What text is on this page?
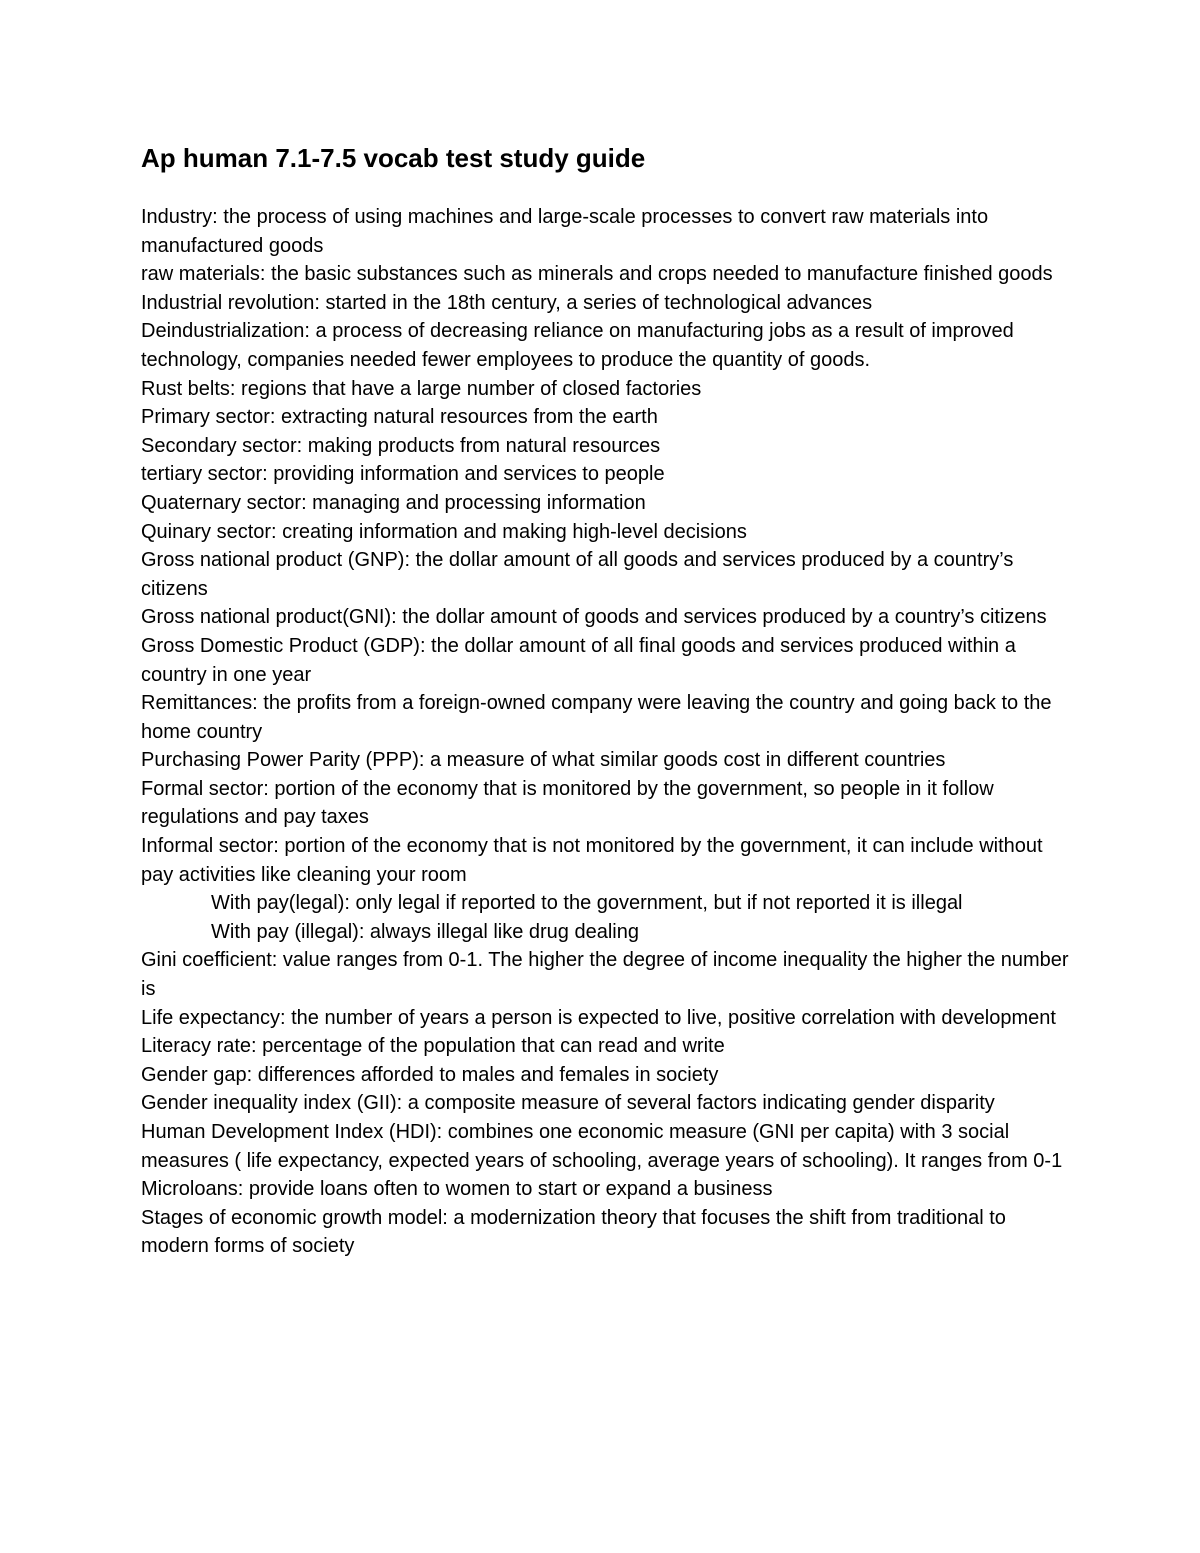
Ap human 7.1-7.5 vocab test study guide

Industry: the process of using machines and large-scale processes to convert raw materials into manufactured goods

raw materials: the basic substances such as minerals and crops needed to manufacture finished goods

Industrial revolution: started in the 18th century, a series of technological advances

Deindustrialization: a process of decreasing reliance on manufacturing jobs as a result of improved technology, companies needed fewer employees to produce the quantity of goods.

Rust belts: regions that have a large number of closed factories

Primary sector: extracting natural resources from the earth

Secondary sector: making products from natural resources

tertiary sector: providing information and services to people

Quaternary sector: managing and processing information

Quinary sector: creating information and making high-level decisions

Gross national product (GNP): the dollar amount of all goods and services produced by a country’s citizens

Gross national product(GNI): the dollar amount of goods and services produced by a country’s citizens

Gross Domestic Product (GDP): the dollar amount of all final goods and services produced within a country in one year

Remittances: the profits from a foreign-owned company were leaving the country and going back to the home country

Purchasing Power Parity (PPP): a measure of what similar goods cost in different countries

Formal sector: portion of the economy that is monitored by the government, so people in it follow regulations and pay taxes

Informal sector: portion of the economy that is not monitored by the government, it can include without pay activities like cleaning your room

With pay(legal): only legal if reported to the government, but if not reported it is illegal

With pay (illegal): always illegal like drug dealing

Gini coefficient: value ranges from 0-1. The higher the degree of income inequality the higher the number is

Life expectancy: the number of years a person is expected to live, positive correlation with development

Literacy rate: percentage of the population that can read and write

Gender gap: differences afforded to males and females in society

Gender inequality index (GII): a composite measure of several factors indicating gender disparity

Human Development Index (HDI): combines one economic measure (GNI per capita) with 3 social measures ( life expectancy, expected years of schooling, average years of schooling). It ranges from 0-1

Microloans: provide loans often to women to start or expand a business

Stages of economic growth model: a modernization theory that focuses the shift from traditional to modern forms of society
